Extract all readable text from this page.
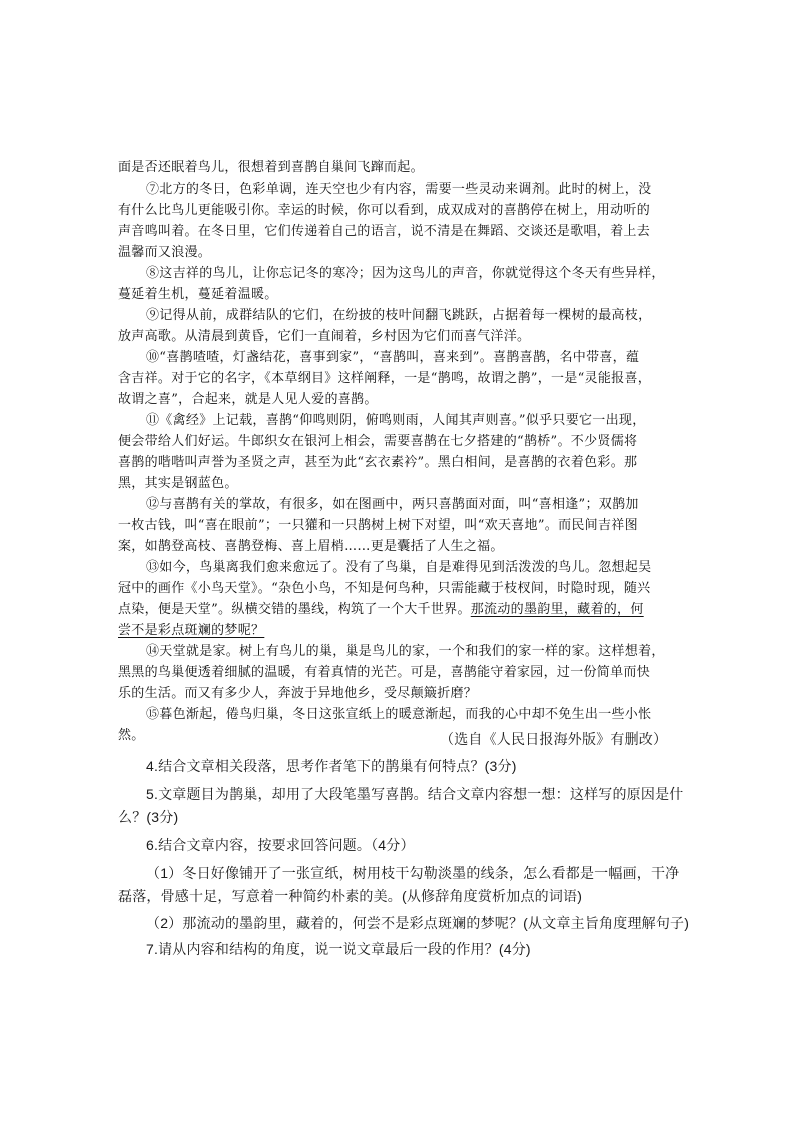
面是否还眠着鸟儿，很想着到喜鹊自巢间飞蹿而起。
⑦北方的冬日，色彩单调，连天空也少有内容，需要一些灵动来调剂。此时的树上，没
有什么比鸟儿更能吸引你。幸运的时候，你可以看到，成双成对的喜鹊停在树上，用动听的
声音鸣叫着。在冬日里，它们传递着自己的语言，说不清是在舞蹈、交谈还是歌唱，着上去
温馨而又浪漫。
⑧这吉祥的鸟儿，让你忘记冬的寒冷；因为这鸟儿的声音，你就觉得这个冬天有些异样，
蔓延着生机，蔓延着温暖。
⑨记得从前，成群结队的它们，在纷披的枝叶间翻飞跳跃，占据着每一棵树的最高枝，
放声高歌。从清晨到黄昏，它们一直闹着，乡村因为它们而喜气洋洋。
⑩“喜鹊喳喳，灯盏结花，喜事到家”，“喜鹊叫，喜来到”。喜鹊喜鹊，名中带喜，蕴
含吉祥。对于它的名字，《本草纲目》这样阐释，一是“鹊鸣，故谓之鹊”，一是“灵能报喜，
故谓之喜”，合起来，就是人见人爱的喜鹊。
⑪《禽经》上记载，喜鹊“仰鸣则阴，俯鸣则雨，人闻其声则喜。”似乎只要它一出现，
便会带给人们好运。牛郎织女在银河上相会，需要喜鹊在七夕搭建的“鹊桥”。不少贤儒将
喜鹊的喈喈叫声誉为圣贤之声，甚至为此“玄衣素衿”。黑白相间，是喜鹊的衣着色彩。那
黑，其实是钢蓝色。
⑫与喜鹊有关的掌故，有很多，如在图画中，两只喜鹊面对面，叫“喜相逢”；双鹊加
一枚古钱，叫“喜在眼前”；一只獾和一只鹊树上树下对望，叫“欢天喜地”。而民间吉祥图
案，如鹊登高枝、喜鹊登梅、喜上眉梢……更是囊括了人生之福。
⑬如今，鸟巢离我们愈来愈远了。没有了鸟巢，自是难得见到活泼泼的鸟儿。忽想起吴
冠中的画作《小鸟天堂》。“杂色小鸟，不知是何鸟种，只需能藏于枝杈间，时隐时现，随兴
点染，便是天堂”。纵横交错的墨线，构筑了一个大千世界。那流动的墨韵里，藏着的，何
尝不是彩点斑斓的梦呢？
⑭天堂就是家。树上有鸟儿的巢，巢是鸟儿的家，一个和我们的家一样的家。这样想着，
黑黑的鸟巢便透着细腻的温暖，有着真情的光芒。可是，喜鹊能守着家园，过一份简单而快
乐的生活。而又有多少人，奔波于异地他乡，受尽颠簸折磨？
⑮暮色渐起，倦鸟归巢，冬日这张宣纸上的暖意渐起，而我的心中却不免生出一些小怅
然。	（选自《人民日报海外版》有删改）
4.结合文章相关段落，思考作者笔下的鹊巢有何特点？(3分)
5.文章题目为鹊巢，却用了大段笔墨写喜鹊。结合文章内容想一想：这样写的原因是什
么？(3分)
6.结合文章内容，按要求回答问题。（4分）
（1）冬日好像铺开了一张宣纸，树用枝干勾勒淡墨的线条，怎么看都是一幅画，干净
磊落，骨感十足，写意着一种简约朴素的美。(从修辞角度赏析加点的词语)
（2）那流动的墨韵里，藏着的，何尝不是彩点斑斓的梦呢？(从文章主旨角度理解句子)
7.请从内容和结构的角度，说一说文章最后一段的作用？(4分)
